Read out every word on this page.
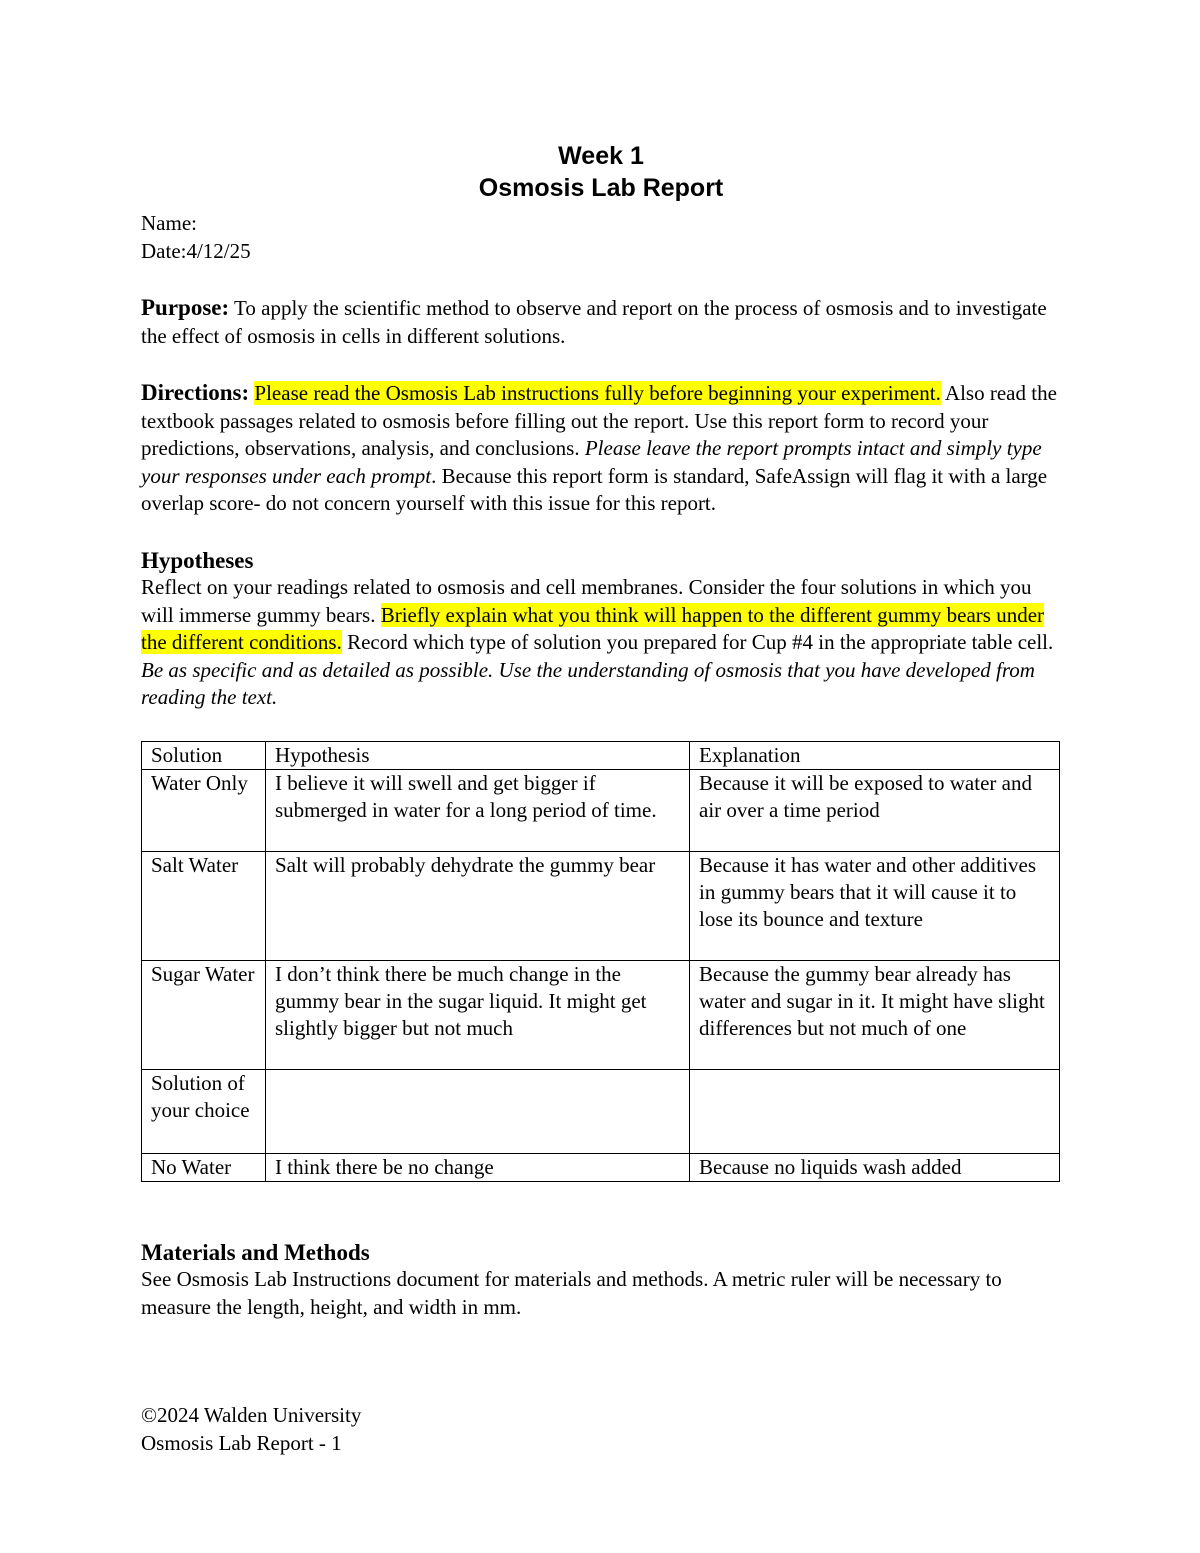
Week 1
Osmosis Lab Report
Name:
Date:4/12/25

Purpose: To apply the scientific method to observe and report on the process of osmosis and to investigate the effect of osmosis in cells in different solutions.

Directions: Please read the Osmosis Lab instructions fully before beginning your experiment. Also read the textbook passages related to osmosis before filling out the report. Use this report form to record your predictions, observations, analysis, and conclusions. Please leave the report prompts intact and simply type your responses under each prompt. Because this report form is standard, SafeAssign will flag it with a large overlap score- do not concern yourself with this issue for this report.

Hypotheses

Reflect on your readings related to osmosis and cell membranes. Consider the four solutions in which you will immerse gummy bears. Briefly explain what you think will happen to the different gummy bears under the different conditions. Record which type of solution you prepared for Cup #4 in the appropriate table cell. Be as specific and as detailed as possible. Use the understanding of osmosis that you have developed from reading the text.

Solution	Hypothesis	Explanation
Water Only	I believe it will swell and get bigger if submerged in water for a long period of time.	Because it will be exposed to water and air over a time period
Salt Water	Salt will probably dehydrate the gummy bear	Because it has water and other additives in gummy bears that it will cause it to lose its bounce and texture
Sugar Water	I don’t think there be much change in the gummy bear in the sugar liquid. It might get slightly bigger but not much	Because the gummy bear already has water and sugar in it. It might have slight differences but not much of one
Solution of your choice		
No Water	I think there be no change	Because no liquids wash added
Materials and Methods

See Osmosis Lab Instructions document for materials and methods. A metric ruler will be necessary to measure the length, height, and width in mm.

©2024 Walden University
Osmosis Lab Report - 1
